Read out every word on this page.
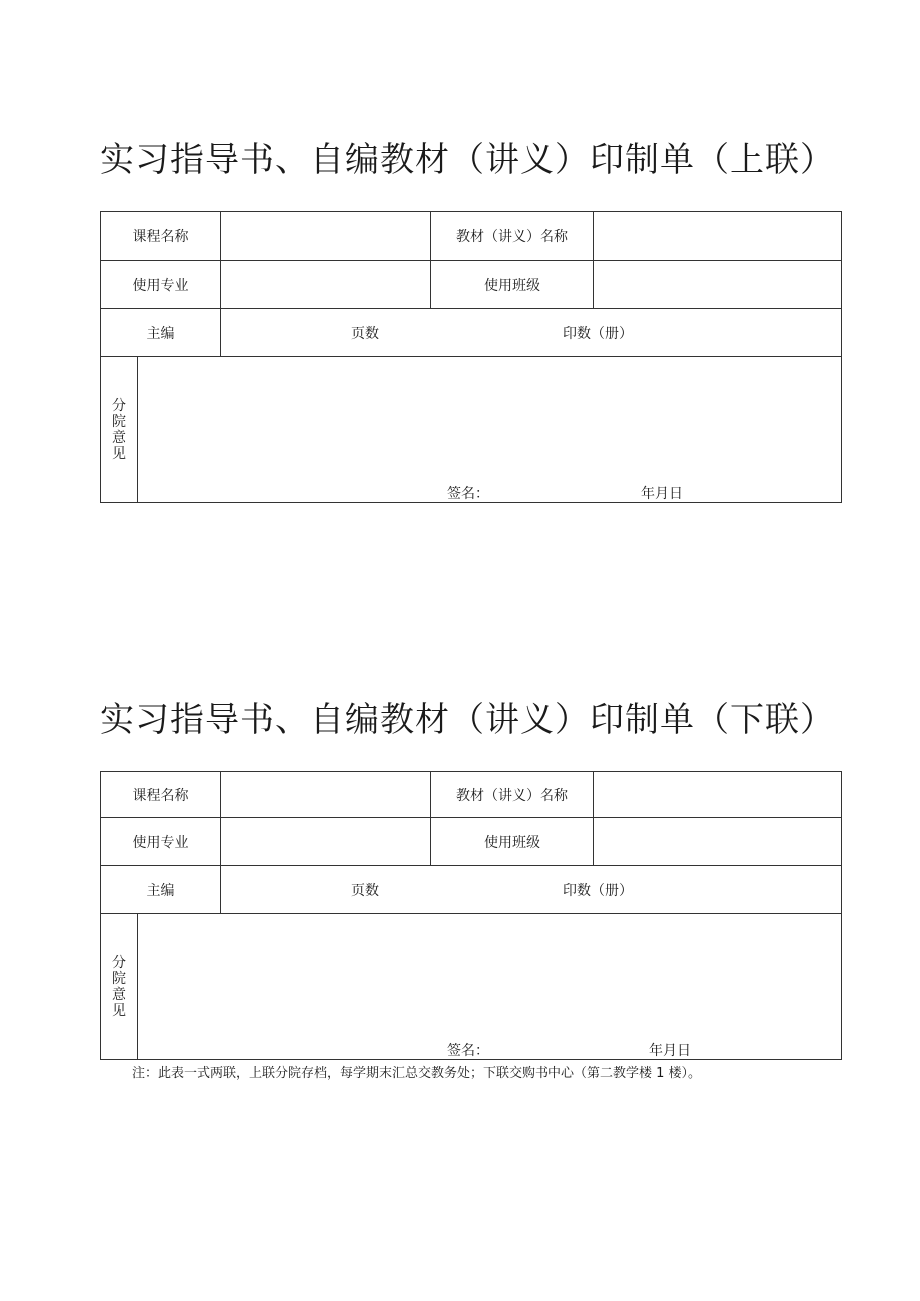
实习指导书、自编教材（讲义）印制单（上联）
课程名称	教材（讲义）名称
使用专业	使用班级
主编	页数	印数（册）
分
院
意
见
签名：	年月日
实习指导书、自编教材（讲义）印制单（下联）
课程名称	教材（讲义）名称
使用专业	使用班级
主编	页数	印数（册）
分
院
意
见
签名：	年月日
注：此表一式两联，上联分院存档，每学期末汇总交教务处；下联交购书中心（第二教学楼 1 楼）。
